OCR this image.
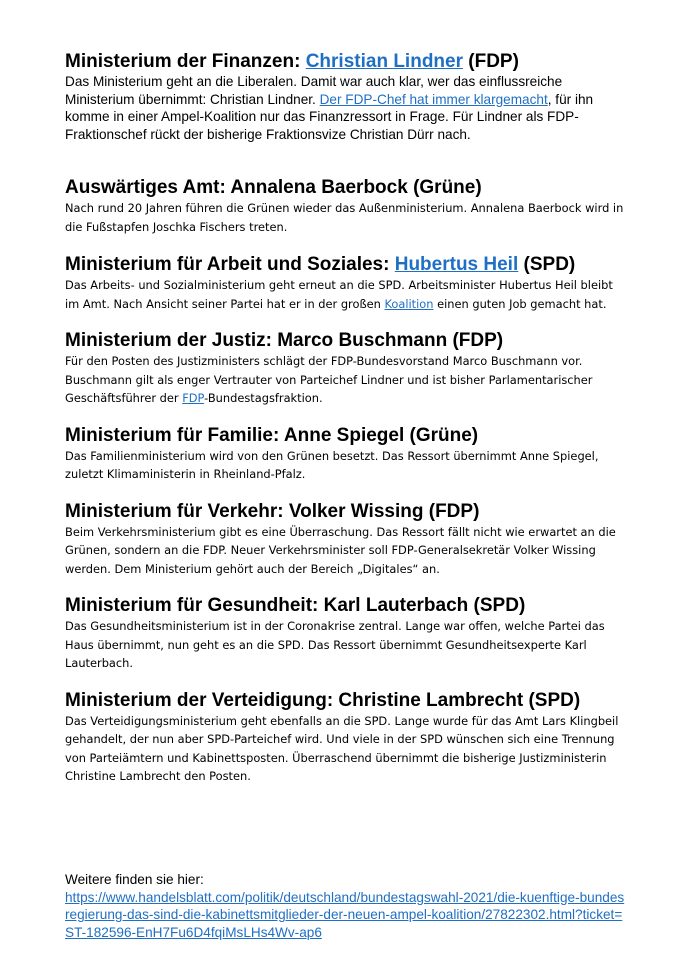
Ministerium der Finanzen: Christian Lindner (FDP)

Das Ministerium geht an die Liberalen. Damit war auch klar, wer das einflussreiche Ministerium übernimmt: Christian Lindner. Der FDP-Chef hat immer klargemacht, für ihn komme in einer Ampel-Koalition nur das Finanzressort in Frage. Für Lindner als FDP-Fraktionschef rückt der bisherige Fraktionsvize Christian Dürr nach.

Auswärtiges Amt: Annalena Baerbock (Grüne)

Nach rund 20 Jahren führen die Grünen wieder das Außenministerium. Annalena Baerbock wird in die Fußstapfen Joschka Fischers treten.

Ministerium für Arbeit und Soziales: Hubertus Heil (SPD)

Das Arbeits- und Sozialministerium geht erneut an die SPD. Arbeitsminister Hubertus Heil bleibt im Amt. Nach Ansicht seiner Partei hat er in der großen Koalition einen guten Job gemacht hat.

Ministerium der Justiz: Marco Buschmann (FDP)

Für den Posten des Justizministers schlägt der FDP-Bundesvorstand Marco Buschmann vor. Buschmann gilt als enger Vertrauter von Parteichef Lindner und ist bisher Parlamentarischer Geschäftsführer der FDP-Bundestagsfraktion.

Ministerium für Familie: Anne Spiegel (Grüne)

Das Familienministerium wird von den Grünen besetzt. Das Ressort übernimmt Anne Spiegel, zuletzt Klimaministerin in Rheinland-Pfalz.

Ministerium für Verkehr: Volker Wissing (FDP)

Beim Verkehrsministerium gibt es eine Überraschung. Das Ressort fällt nicht wie erwartet an die Grünen, sondern an die FDP. Neuer Verkehrsminister soll FDP-Generalsekretär Volker Wissing werden. Dem Ministerium gehört auch der Bereich „Digitales“ an.

Ministerium für Gesundheit: Karl Lauterbach (SPD)

Das Gesundheitsministerium ist in der Coronakrise zentral. Lange war offen, welche Partei das Haus übernimmt, nun geht es an die SPD. Das Ressort übernimmt Gesundheitsexperte Karl Lauterbach.

Ministerium der Verteidigung: Christine Lambrecht (SPD)

Das Verteidigungsministerium geht ebenfalls an die SPD. Lange wurde für das Amt Lars Klingbeil gehandelt, der nun aber SPD-Parteichef wird. Und viele in der SPD wünschen sich eine Trennung von Parteiämtern und Kabinettsposten. Überraschend übernimmt die bisherige Justizministerin Christine Lambrecht den Posten.

Weitere finden sie hier:
https://www.handelsblatt.com/politik/deutschland/bundestagswahl-2021/die-kuenftige-bundesregierung-das-sind-die-kabinettsmitglieder-der-neuen-ampel-koalition/27822302.html?ticket=ST-182596-EnH7Fu6D4fqiMsLHs4Wv-ap6
